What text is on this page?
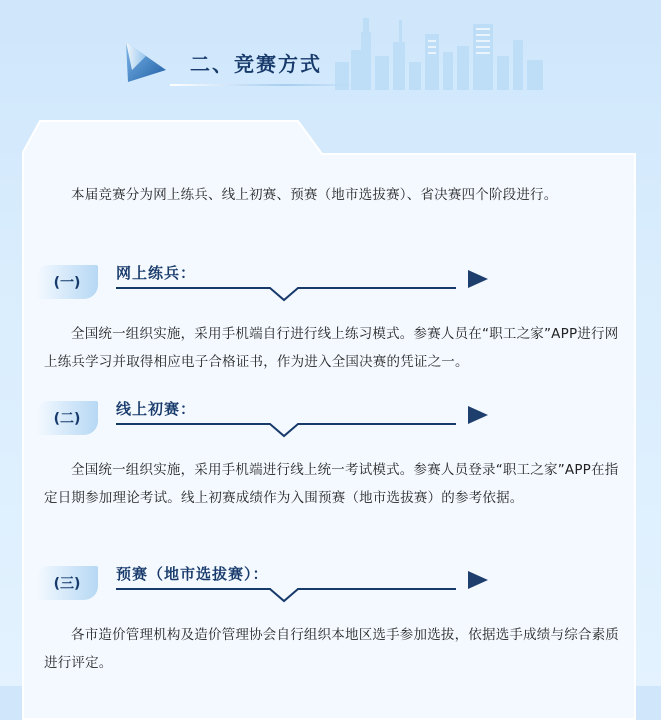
二、竞赛方式

本届竞赛分为网上练兵、线上初赛、预赛（地市选拔赛）、省决赛四个阶段进行。

(一)
网上练兵：

全国统一组织实施，采用手机端自行进行线上练习模式。参赛人员在“职工之家”APP进行网上练兵学习并取得相应电子合格证书，作为进入全国决赛的凭证之一。

(二)
线上初赛：

全国统一组织实施，采用手机端进行线上统一考试模式。参赛人员登录“职工之家”APP在指定日期参加理论考试。线上初赛成绩作为入围预赛（地市选拔赛）的参考依据。

(三)
预赛（地市选拔赛）：

各市造价管理机构及造价管理协会自行组织本地区选手参加选拔，依据选手成绩与综合素质进行评定。
